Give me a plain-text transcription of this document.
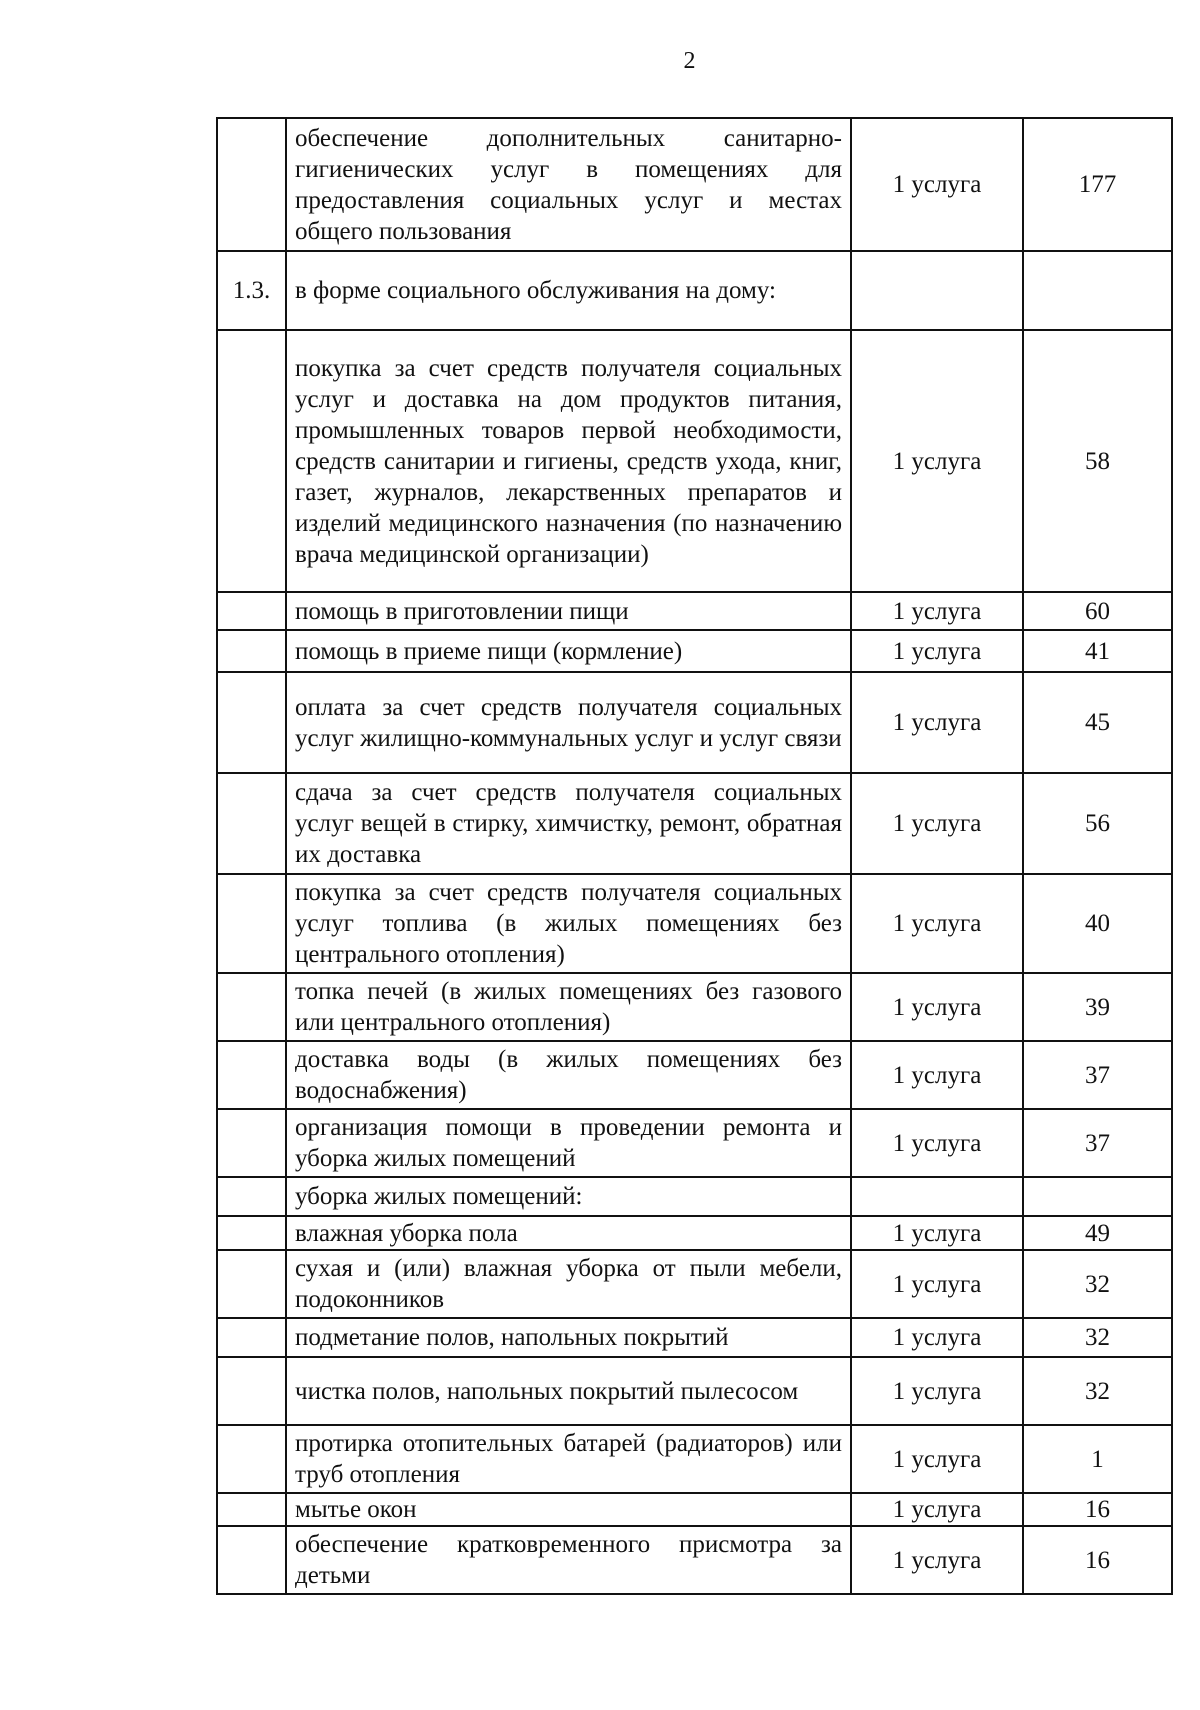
2

	обеспечение дополнительных санитарно-гигиенических услуг в помещениях для предоставления социальных услуг и местах общего пользования	1 услуга	177
1.3.	в форме социального обслуживания на дому:		

	покупка за счет средств получателя социальных услуг и доставка на дом продуктов питания, промышленных товаров первой необходимости, средств санитарии и гигиены, средств ухода, книг, газет, журналов, лекарственных препаратов и изделий медицинского назначения (по назначению врача медицинской организации)	1 услуга	58

	помощь в приготовлении пищи	1 услуга	60

	помощь в приеме пищи (кормление)	1 услуга	41

	оплата за счет средств получателя социальных услуг жилищно-коммунальных услуг и услуг связи	1 услуга	45

	сдача за счет средств получателя социальных услуг вещей в стирку, химчистку, ремонт, обратная их доставка	1 услуга	56

	покупка за счет средств получателя социальных услуг топлива (в жилых помещениях без центрального отопления)	1 услуга	40

	топка печей (в жилых помещениях без газового или центрального отопления)	1 услуга	39

	доставка воды (в жилых помещениях без водоснабжения)	1 услуга	37

	организация помощи в проведении ремонта и уборка жилых помещений	1 услуга	37

	уборка жилых помещений:		

	влажная уборка пола	1 услуга	49

	сухая и (или) влажная уборка от пыли мебели, подоконников	1 услуга	32

	подметание полов, напольных покрытий	1 услуга	32

	чистка полов, напольных покрытий пылесосом	1 услуга	32

	протирка отопительных батарей (радиаторов) или труб отопления	1 услуга	1

	мытье окон	1 услуга	16

	обеспечение кратковременного присмотра за детьми	1 услуга	16
